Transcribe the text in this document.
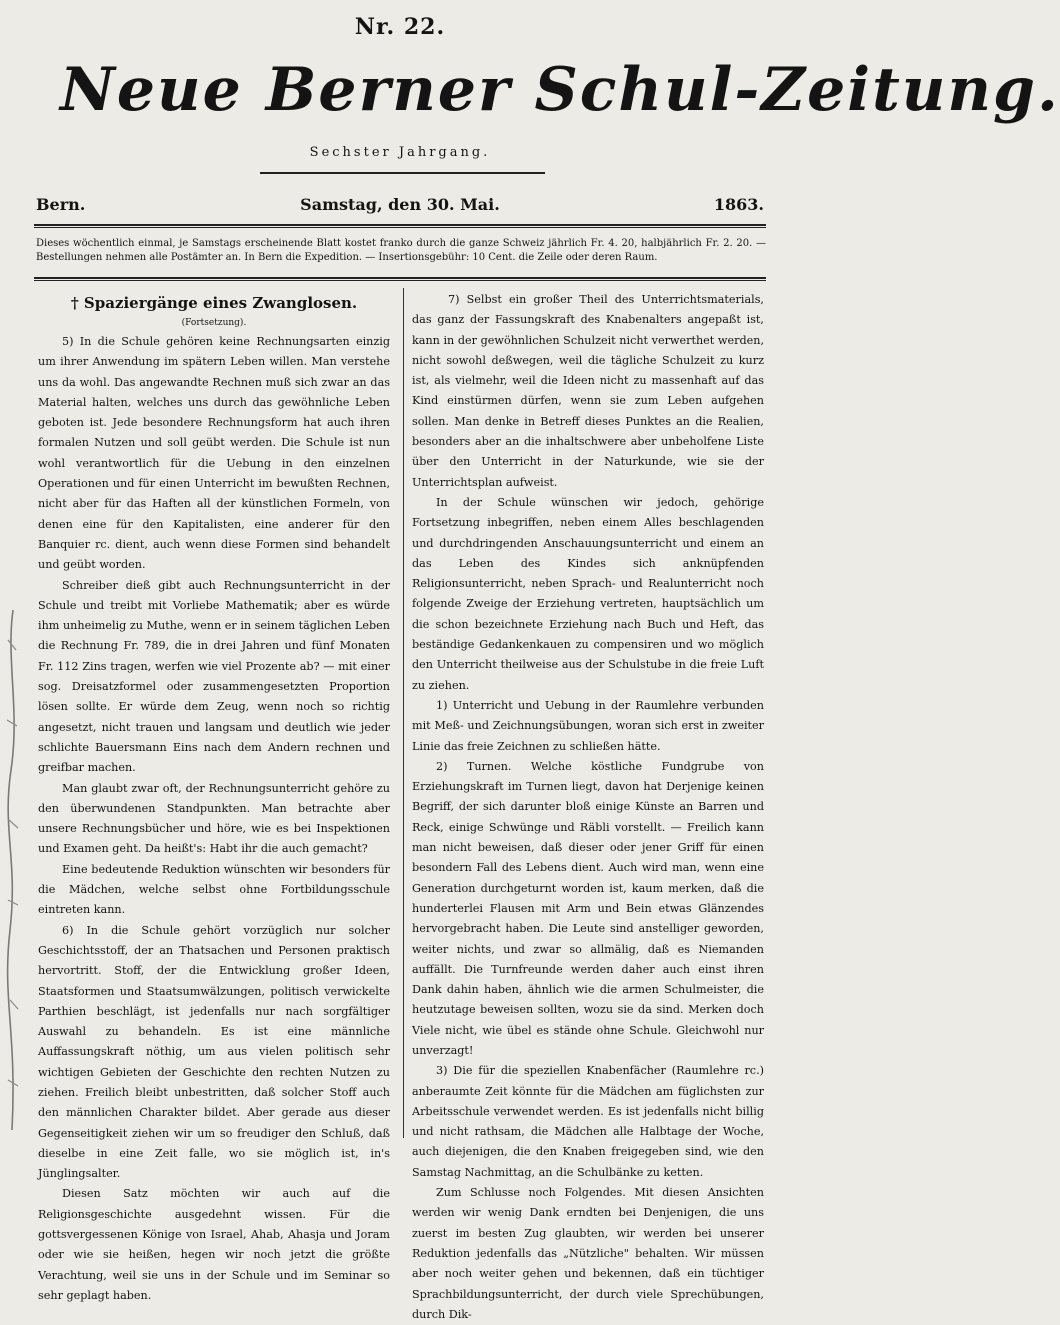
Nr. 22.
Neue Berner Schul-Zeitung.
Sechster Jahrgang.
Bern.	Samstag, den 30. Mai.	1863.
Dieses wöchentlich einmal, je Samstags erscheinende Blatt kostet franko durch die ganze Schweiz jährlich Fr. 4. 20, halbjährlich Fr. 2. 20. — Bestellungen nehmen alle Postämter an. In Bern die Expedition. — Insertionsgebühr: 10 Cent. die Zeile oder deren Raum.
† Spaziergänge eines Zwanglosen.
(Fortsetzung).

5) In die Schule gehören keine Rechnungsarten einzig um ihrer Anwendung im spätern Leben willen. Man verstehe uns da wohl. Das angewandte Rechnen muß sich zwar an das Material halten, welches uns durch das gewöhnliche Leben geboten ist. Jede besondere Rechnungsform hat auch ihren formalen Nutzen und soll geübt werden. Die Schule ist nun wohl verantwortlich für die Uebung in den einzelnen Operationen und für einen Unterricht im bewußten Rechnen, nicht aber für das Haften all der künstlichen Formeln, von denen eine für den Kapitalisten, eine anderer für den Banquier rc. dient, auch wenn diese Formen sind behandelt und geübt worden.

Schreiber dieß gibt auch Rechnungsunterricht in der Schule und treibt mit Vorliebe Mathematik; aber es würde ihm unheimelig zu Muthe, wenn er in seinem täglichen Leben die Rechnung Fr. 789, die in drei Jahren und fünf Monaten Fr. 112 Zins tragen, werfen wie viel Prozente ab? — mit einer sog. Dreisatzformel oder zusammengesetzten Proportion lösen sollte. Er würde dem Zeug, wenn noch so richtig angesetzt, nicht trauen und langsam und deutlich wie jeder schlichte Bauersmann Eins nach dem Andern rechnen und greifbar machen.

Man glaubt zwar oft, der Rechnungsunterricht gehöre zu den überwundenen Standpunkten. Man betrachte aber unsere Rechnungsbücher und höre, wie es bei Inspektionen und Examen geht. Da heißt's: Habt ihr die auch gemacht?

Eine bedeutende Reduktion wünschten wir besonders für die Mädchen, welche selbst ohne Fortbildungsschule eintreten kann.

6) In die Schule gehört vorzüglich nur solcher Geschichtsstoff, der an Thatsachen und Personen praktisch hervortritt. Stoff, der die Entwicklung großer Ideen, Staatsformen und Staatsumwälzungen, politisch verwickelte Parthien beschlägt, ist jedenfalls nur nach sorgfältiger Auswahl zu behandeln. Es ist eine männliche Auffassungskraft nöthig, um aus vielen politisch sehr wichtigen Gebieten der Geschichte den rechten Nutzen zu ziehen. Freilich bleibt unbestritten, daß solcher Stoff auch den männlichen Charakter bildet. Aber gerade aus dieser Gegenseitigkeit ziehen wir um so freudiger den Schluß, daß dieselbe in eine Zeit falle, wo sie möglich ist, in's Jünglingsalter.

Diesen Satz möchten wir auch auf die Religionsgeschichte ausgedehnt wissen. Für die gottsvergessenen Könige von Israel, Ahab, Ahasja und Joram oder wie sie heißen, hegen wir noch jetzt die größte Verachtung, weil sie uns in der Schule und im Seminar so sehr geplagt haben.

7) Selbst ein großer Theil des Unterrichtsmaterials, das ganz der Fassungskraft des Knabenalters angepaßt ist, kann in der gewöhnlichen Schulzeit nicht verwerthet werden, nicht sowohl deßwegen, weil die tägliche Schulzeit zu kurz ist, als vielmehr, weil die Ideen nicht zu massenhaft auf das Kind einstürmen dürfen, wenn sie zum Leben aufgehen sollen. Man denke in Betreff dieses Punktes an die Realien, besonders aber an die inhaltschwere aber unbeholfene Liste über den Unterricht in der Naturkunde, wie sie der Unterrichtsplan aufweist.

In der Schule wünschen wir jedoch, gehörige Fortsetzung inbegriffen, neben einem Alles beschlagenden und durchdringenden Anschauungsunterricht und einem an das Leben des Kindes sich anknüpfenden Religionsunterricht, neben Sprach- und Realunterricht noch folgende Zweige der Erziehung vertreten, hauptsächlich um die schon bezeichnete Erziehung nach Buch und Heft, das beständige Gedankenkauen zu compensiren und wo möglich den Unterricht theilweise aus der Schulstube in die freie Luft zu ziehen.

1) Unterricht und Uebung in der Raumlehre verbunden mit Meß- und Zeichnungsübungen, woran sich erst in zweiter Linie das freie Zeichnen zu schließen hätte.

2) Turnen. Welche köstliche Fundgrube von Erziehungskraft im Turnen liegt, davon hat Derjenige keinen Begriff, der sich darunter bloß einige Künste an Barren und Reck, einige Schwünge und Räbli vorstellt. — Freilich kann man nicht beweisen, daß dieser oder jener Griff für einen besondern Fall des Lebens dient. Auch wird man, wenn eine Generation durchgeturnt worden ist, kaum merken, daß die hunderterlei Flausen mit Arm und Bein etwas Glänzendes hervorgebracht haben. Die Leute sind anstelliger geworden, weiter nichts, und zwar so allmälig, daß es Niemanden auffällt. Die Turnfreunde werden daher auch einst ihren Dank dahin haben, ähnlich wie die armen Schulmeister, die heutzutage beweisen sollten, wozu sie da sind. Merken doch Viele nicht, wie übel es stände ohne Schule. Gleichwohl nur unverzagt!

3) Die für die speziellen Knabenfächer (Raumlehre rc.) anberaumte Zeit könnte für die Mädchen am füglichsten zur Arbeitsschule verwendet werden. Es ist jedenfalls nicht billig und nicht rathsam, die Mädchen alle Halbtage der Woche, auch diejenigen, die den Knaben freigegeben sind, wie den Samstag Nachmittag, an die Schulbänke zu ketten.

Zum Schlusse noch Folgendes. Mit diesen Ansichten werden wir wenig Dank erndten bei Denjenigen, die uns zuerst im besten Zug glaubten, wir werden bei unserer Reduktion jedenfalls das „Nützliche" behalten. Wir müssen aber noch weiter gehen und bekennen, daß ein tüchtiger Sprachbildungsunterricht, der durch viele Sprechübungen, durch Dik-
